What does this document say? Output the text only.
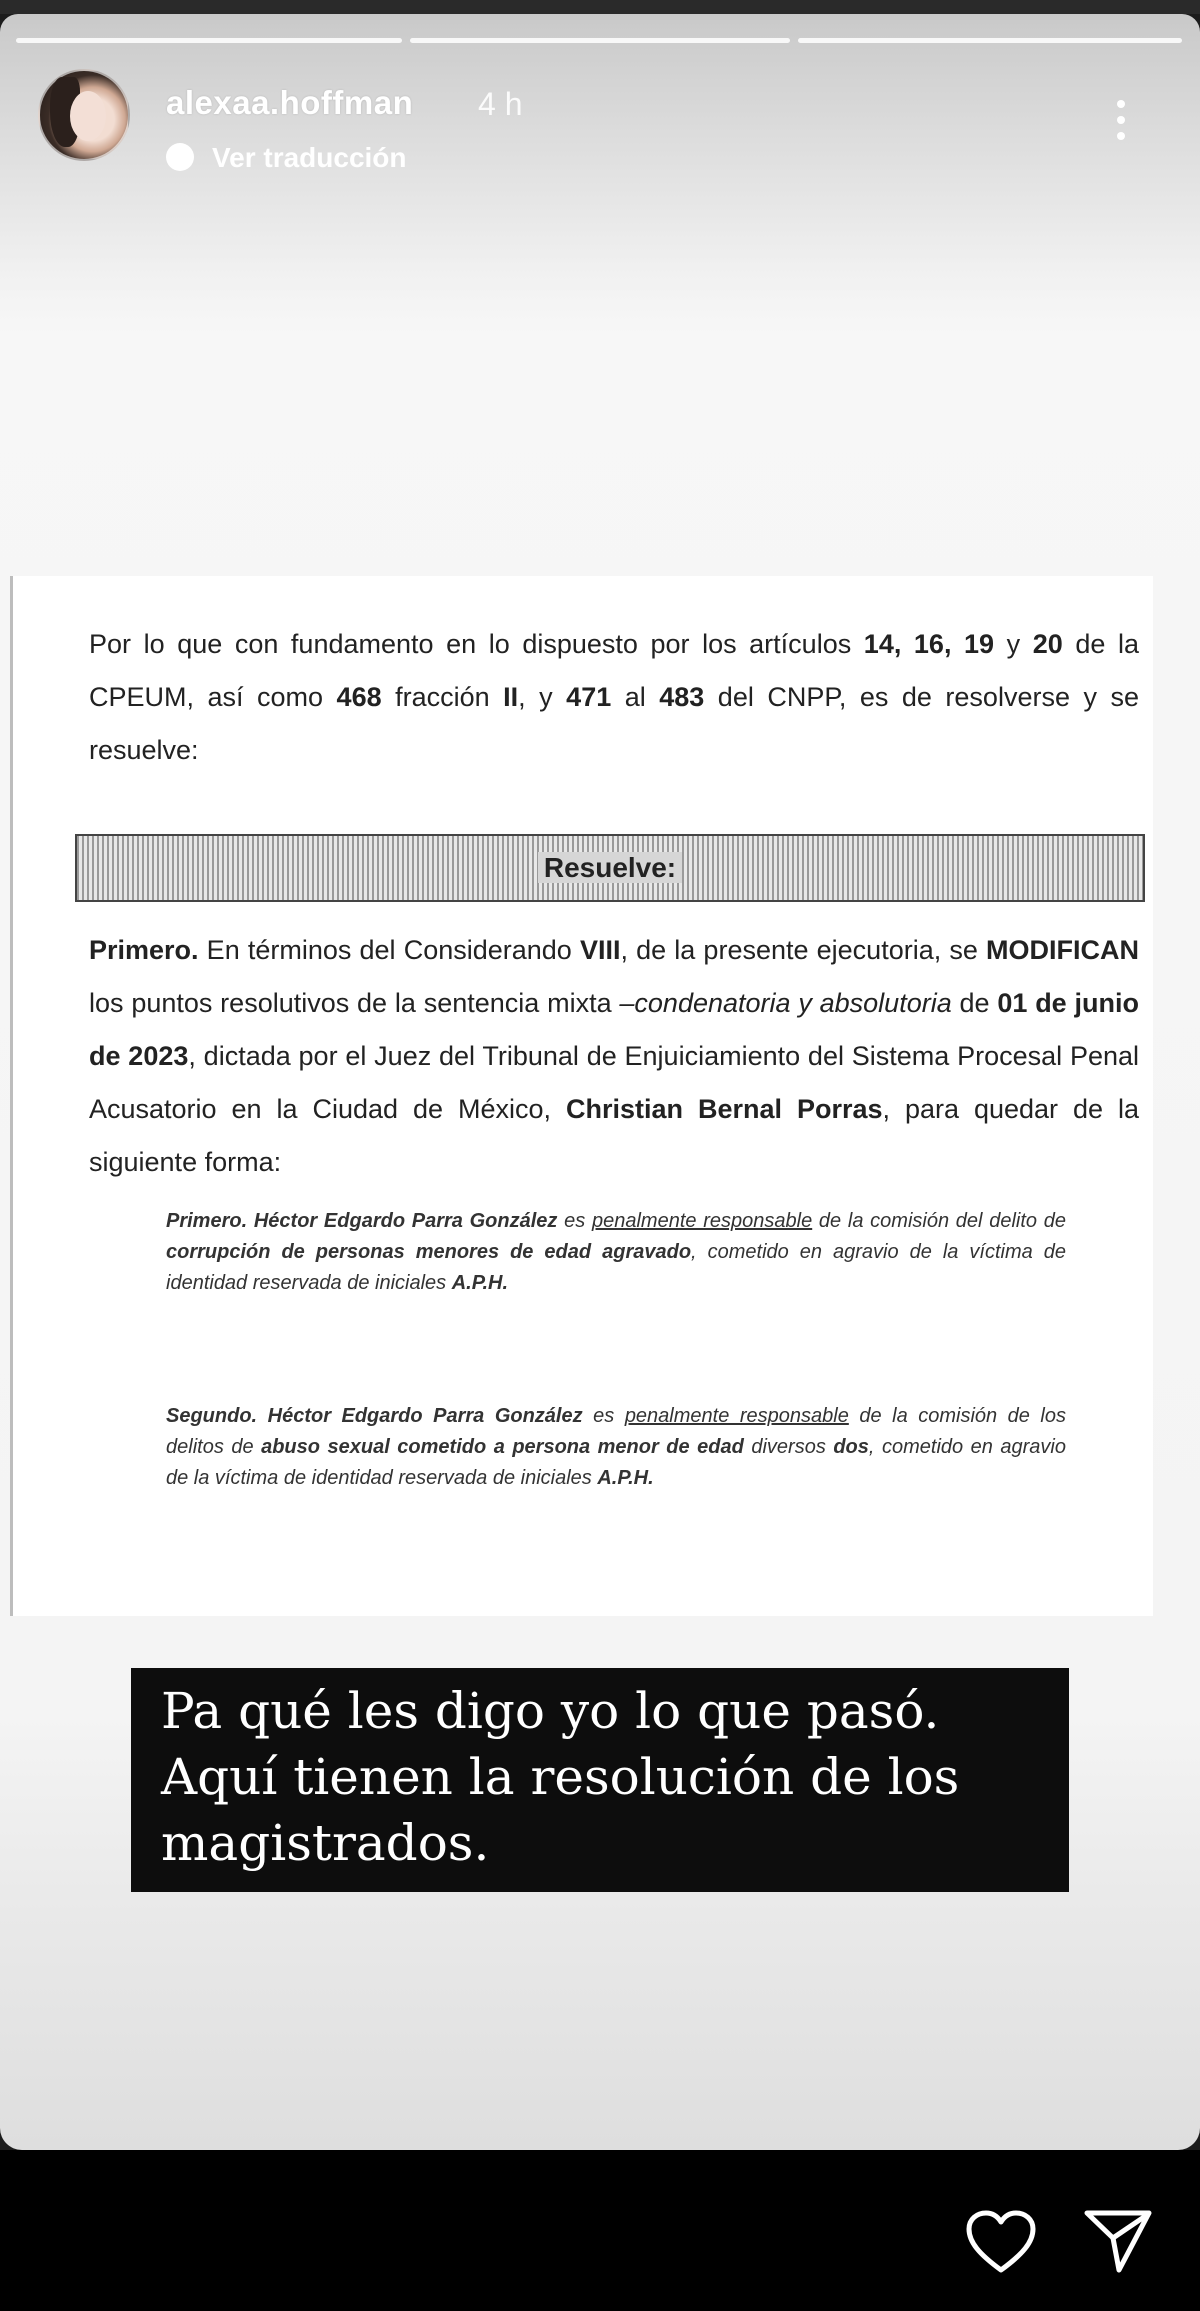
alexaa.hoffman 4 h
Ver traducción
Por lo que con fundamento en lo dispuesto por los artículos 14, 16, 19 y 20 de la CPEUM, así como 468 fracción II, y 471 al 483 del CNPP, es de resolverse y se resuelve:
Resuelve:
Primero. En términos del Considerando VIII, de la presente ejecutoria, se MODIFICAN los puntos resolutivos de la sentencia mixta –condenatoria y absolutoria de 01 de junio de 2023, dictada por el Juez del Tribunal de Enjuiciamiento del Sistema Procesal Penal Acusatorio en la Ciudad de México, Christian Bernal Porras, para quedar de la siguiente forma:
Primero. Héctor Edgardo Parra González es penalmente responsable de la comisión del delito de corrupción de personas menores de edad agravado, cometido en agravio de la víctima de identidad reservada de iniciales A.P.H.
Segundo. Héctor Edgardo Parra González es penalmente responsable de la comisión de los delitos de abuso sexual cometido a persona menor de edad diversos dos, cometido en agravio de la víctima de identidad reservada de iniciales A.P.H.
Pa qué les digo yo lo que pasó. Aquí tienen la resolución de los magistrados.
